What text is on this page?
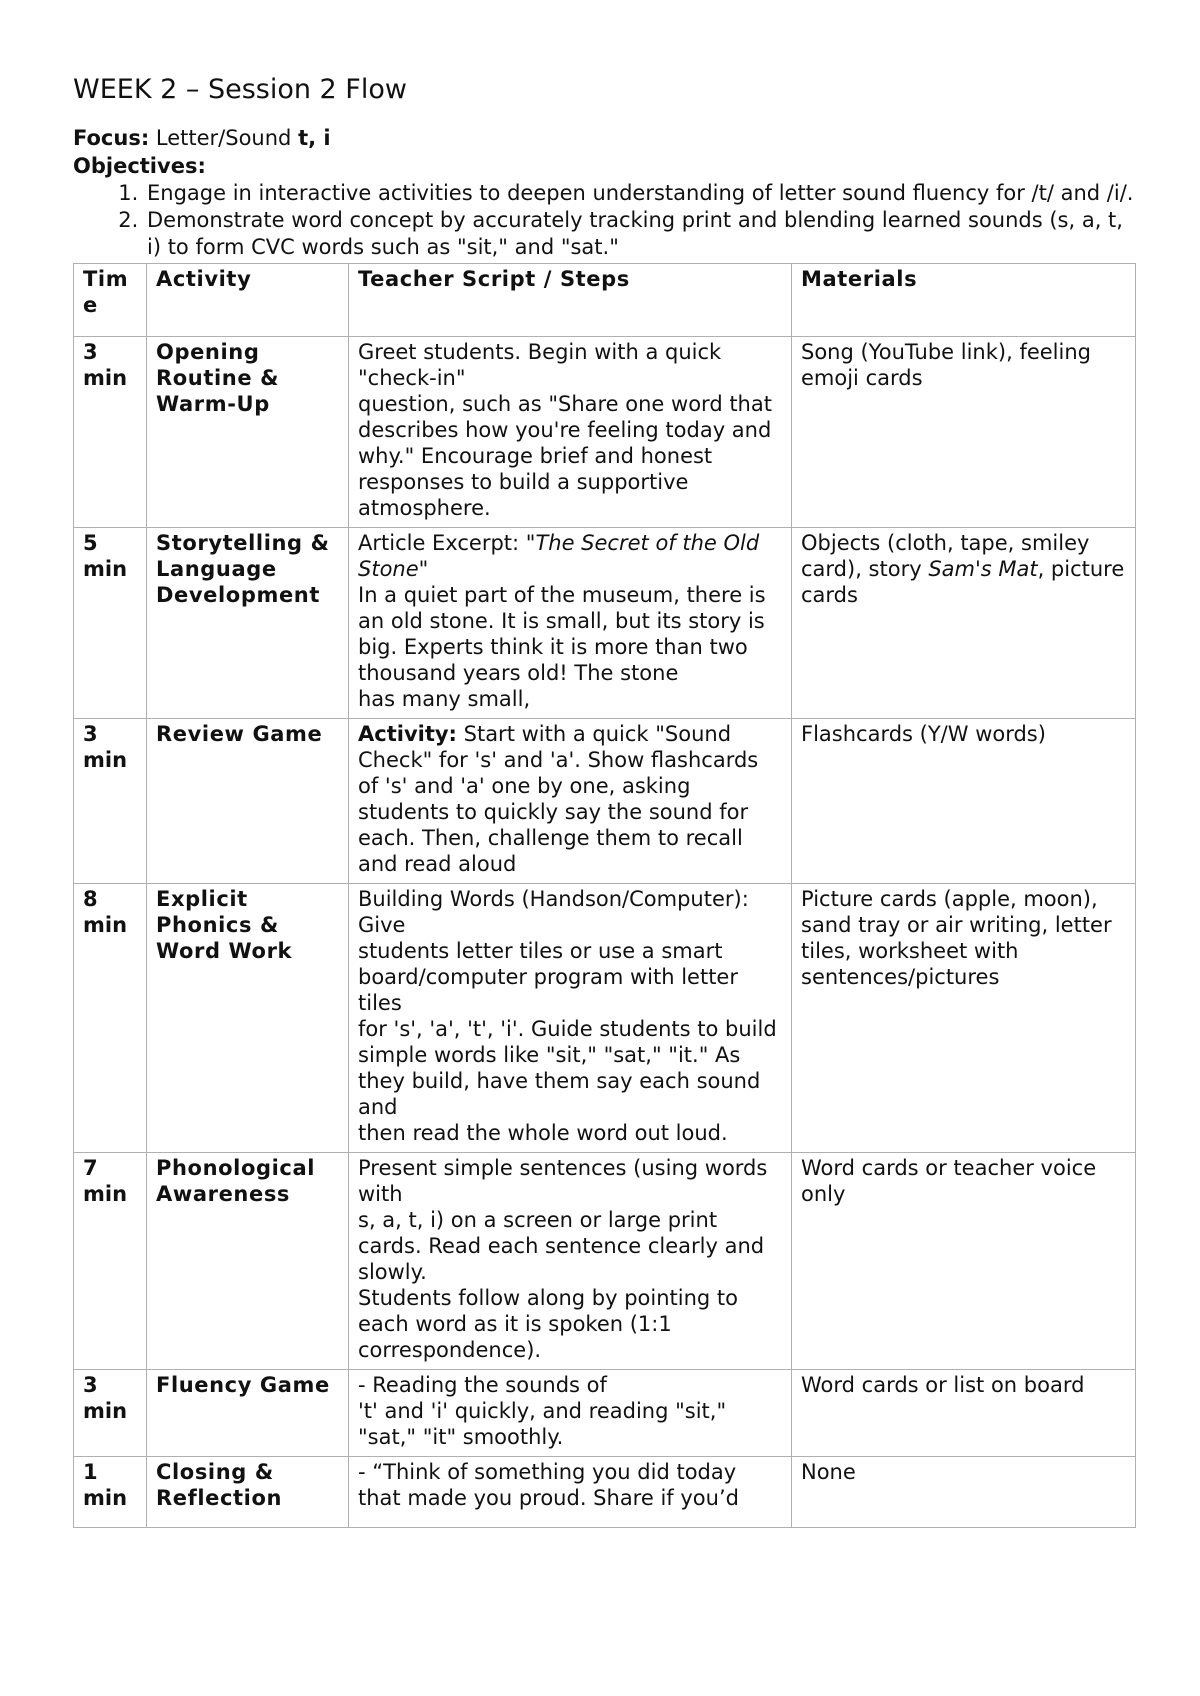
WEEK 2 – Session 2 Flow
Focus: Letter/Sound t, i
Objectives:
1. Engage in interactive activities to deepen understanding of letter sound fluency for /t/ and /i/.
2. Demonstrate word concept by accurately tracking print and blending learned sounds (s, a, t, i) to form CVC words such as "sit," and "sat."
Tim e	Activity	Teacher Script / Steps	Materials
3 min	Opening Routine & Warm-Up	Greet students. Begin with a quick "check-in"
question, such as "Share one word that describes how you're feeling today and
why." Encourage brief and honest responses to build a supportive atmosphere.	Song (YouTube link), feeling emoji cards
5 min	Storytelling & Language Development	Article Excerpt: "The Secret of the Old
Stone"
In a quiet part of the museum, there is an old stone. It is small, but its story is big. Experts think it is more than two thousand years old! The stone
has many small,	Objects (cloth, tape, smiley card), story Sam's Mat, picture cards
3 min	Review Game	Activity: Start with a quick "Sound Check" for 's' and 'a'. Show flashcards of 's' and 'a' one by one, asking students to quickly say the sound for
each. Then, challenge them to recall and read aloud	Flashcards (Y/W words)
8 min	Explicit Phonics & Word Work	Building Words (Handson/Computer): Give
students letter tiles or use a smart board/computer program with letter tiles
for 's', 'a', 't', 'i'. Guide students to build simple words like "sit," "sat," "it." As they build, have them say each sound and
then read the whole word out loud.	Picture cards (apple, moon), sand tray or air writing, letter tiles, worksheet with sentences/pictures
7 min	Phonological Awareness	Present simple sentences (using words with
s, a, t, i) on a screen or large print cards. Read each sentence clearly and slowly.
Students follow along by pointing to each word as it is spoken (1:1 correspondence).	Word cards or teacher voice only
3 min	Fluency Game	- Reading the sounds of
't' and 'i' quickly, and reading "sit," "sat," "it" smoothly.	Word cards or list on board
1 min	Closing & Reflection	- “Think of something you did today that made you proud. Share if you’d	None
